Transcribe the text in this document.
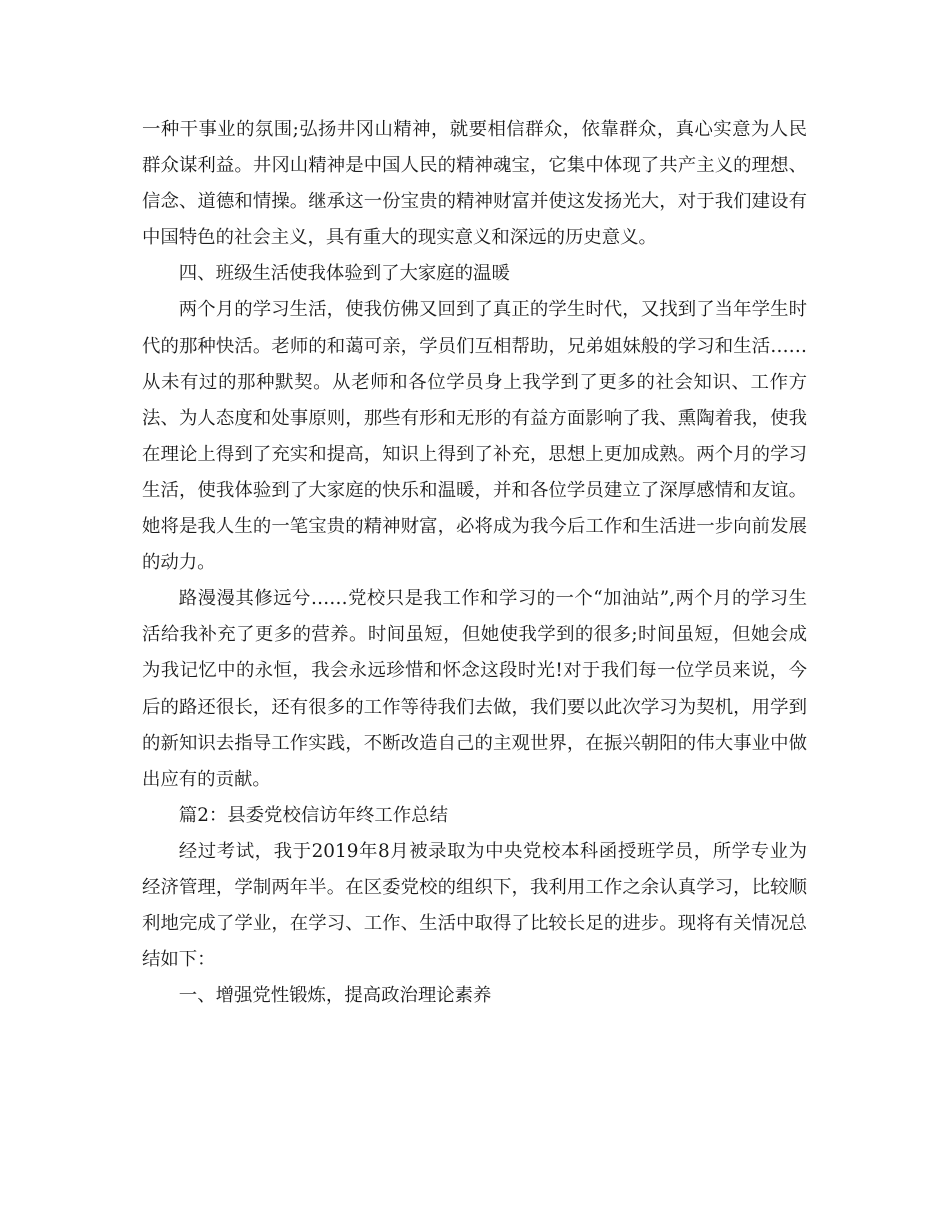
一种干事业的氛围;弘扬井冈山精神，就要相信群众，依靠群众，真心实意为人民群众谋利益。井冈山精神是中国人民的精神魂宝，它集中体现了共产主义的理想、信念、道德和情操。继承这一份宝贵的精神财富并使这发扬光大，对于我们建设有中国特色的社会主义，具有重大的现实意义和深远的历史意义。

四、班级生活使我体验到了大家庭的温暖

两个月的学习生活，使我仿佛又回到了真正的学生时代，又找到了当年学生时代的那种快活。老师的和蔼可亲，学员们互相帮助，兄弟姐妹般的学习和生活……从未有过的那种默契。从老师和各位学员身上我学到了更多的社会知识、工作方法、为人态度和处事原则，那些有形和无形的有益方面影响了我、熏陶着我，使我在理论上得到了充实和提高，知识上得到了补充，思想上更加成熟。两个月的学习生活，使我体验到了大家庭的快乐和温暖，并和各位学员建立了深厚感情和友谊。她将是我人生的一笔宝贵的精神财富，必将成为我今后工作和生活进一步向前发展的动力。

路漫漫其修远兮……党校只是我工作和学习的一个“加油站”,两个月的学习生活给我补充了更多的营养。时间虽短，但她使我学到的很多;时间虽短，但她会成为我记忆中的永恒，我会永远珍惜和怀念这段时光!对于我们每一位学员来说，今后的路还很长，还有很多的工作等待我们去做，我们要以此次学习为契机，用学到的新知识去指导工作实践，不断改造自己的主观世界，在振兴朝阳的伟大事业中做出应有的贡献。

篇2：县委党校信访年终工作总结

经过考试，我于2019年8月被录取为中央党校本科函授班学员，所学专业为经济管理，学制两年半。在区委党校的组织下，我利用工作之余认真学习，比较顺利地完成了学业，在学习、工作、生活中取得了比较长足的进步。现将有关情况总结如下：

一、增强党性锻炼，提高政治理论素养
